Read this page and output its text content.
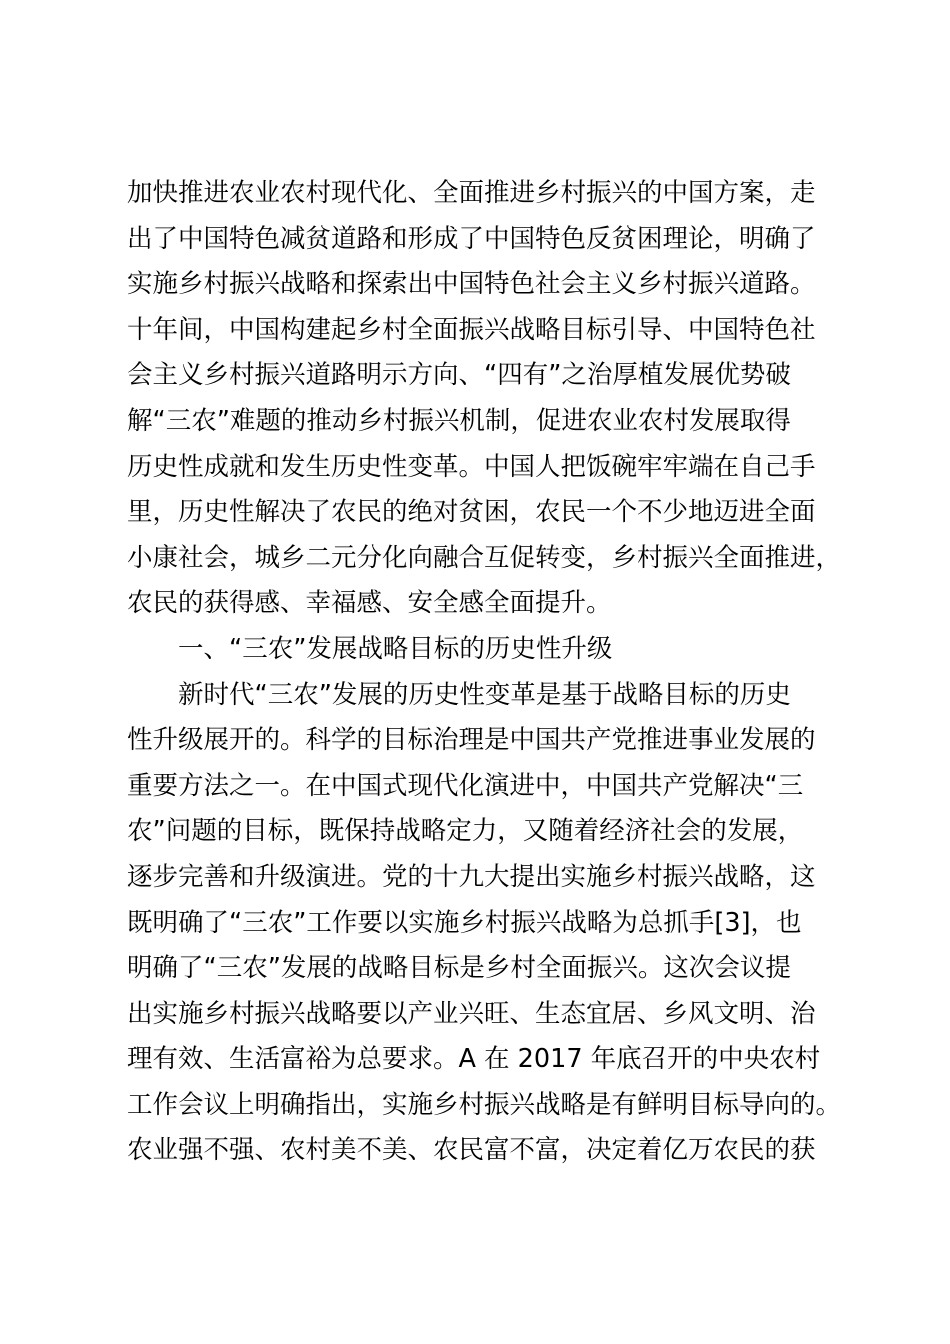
加快推进农业农村现代化、全面推进乡村振兴的中国方案，走
出了中国特色减贫道路和形成了中国特色反贫困理论，明确了
实施乡村振兴战略和探索出中国特色社会主义乡村振兴道路。
十年间，中国构建起乡村全面振兴战略目标引导、中国特色社
会主义乡村振兴道路明示方向、“四有”之治厚植发展优势破
解“三农”难题的推动乡村振兴机制，促进农业农村发展取得
历史性成就和发生历史性变革。中国人把饭碗牢牢端在自己手
里，历史性解决了农民的绝对贫困，农民一个不少地迈进全面
小康社会，城乡二元分化向融合互促转变，乡村振兴全面推进，
农民的获得感、幸福感、安全感全面提升。
一、“三农”发展战略目标的历史性升级
新时代“三农”发展的历史性变革是基于战略目标的历史
性升级展开的。科学的目标治理是中国共产党推进事业发展的
重要方法之一。在中国式现代化演进中，中国共产党解决“三
农”问题的目标，既保持战略定力，又随着经济社会的发展，
逐步完善和升级演进。党的十九大提出实施乡村振兴战略，这
既明确了“三农”工作要以实施乡村振兴战略为总抓手[3]，也
明确了“三农”发展的战略目标是乡村全面振兴。这次会议提
出实施乡村振兴战略要以产业兴旺、生态宜居、乡风文明、治
理有效、生活富裕为总要求。A 在 2017 年底召开的中央农村
工作会议上明确指出，实施乡村振兴战略是有鲜明目标导向的。
农业强不强、农村美不美、农民富不富，决定着亿万农民的获
